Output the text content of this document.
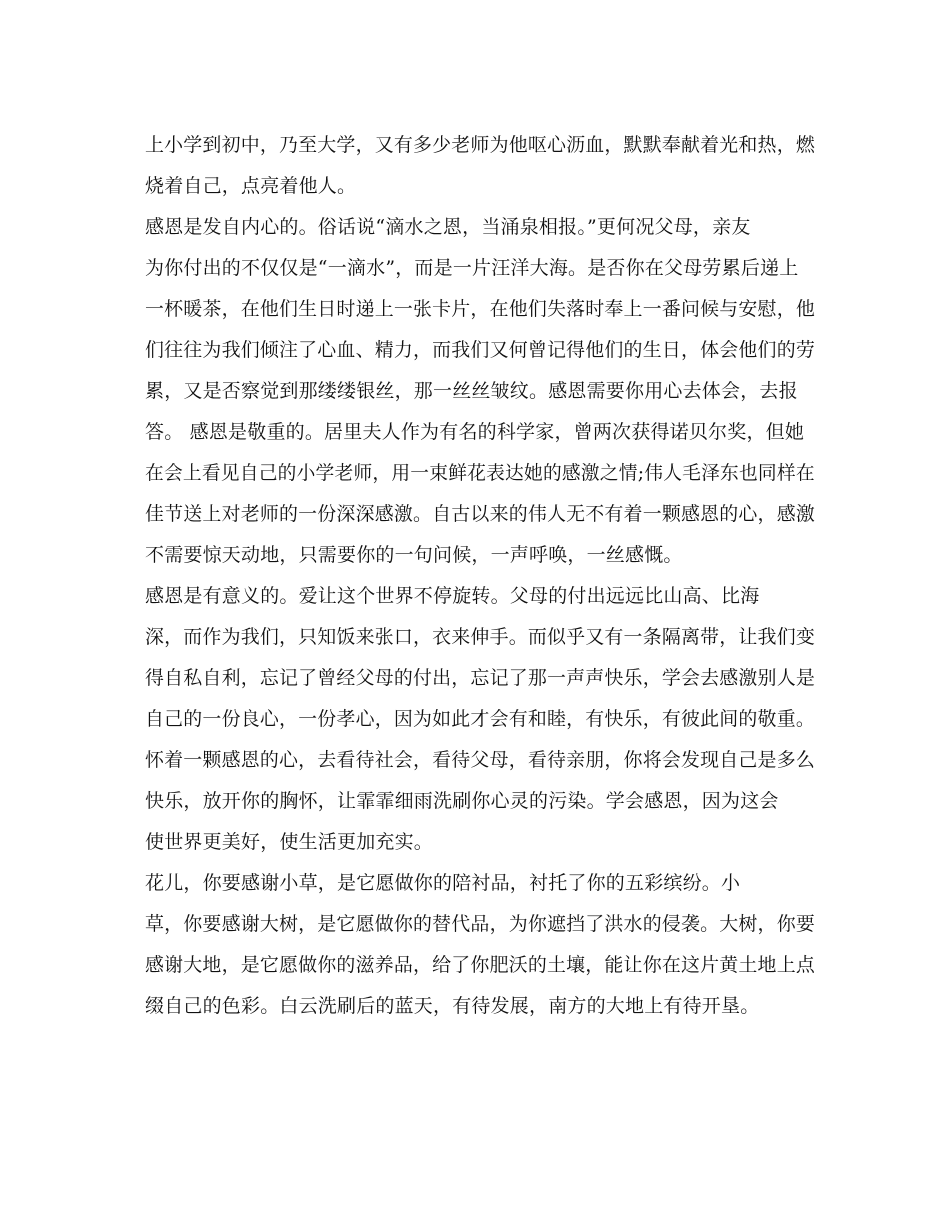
上小学到初中，乃至大学，又有多少老师为他呕心沥血，默默奉献着光和热，燃
烧着自己，点亮着他人。
感恩是发自内心的。俗话说“滴水之恩，当涌泉相报。”更何况父母，亲友
为你付出的不仅仅是“一滴水”，而是一片汪洋大海。是否你在父母劳累后递上
一杯暖茶，在他们生日时递上一张卡片，在他们失落时奉上一番问候与安慰，他
们往往为我们倾注了心血、精力，而我们又何曾记得他们的生日，体会他们的劳
累，又是否察觉到那缕缕银丝，那一丝丝皱纹。感恩需要你用心去体会，去报
答。 感恩是敬重的。居里夫人作为有名的科学家，曾两次获得诺贝尔奖，但她
在会上看见自己的小学老师，用一束鲜花表达她的感激之情;伟人毛泽东也同样在
佳节送上对老师的一份深深感激。自古以来的伟人无不有着一颗感恩的心，感激
不需要惊天动地，只需要你的一句问候，一声呼唤，一丝感慨。
感恩是有意义的。爱让这个世界不停旋转。父母的付出远远比山高、比海
深，而作为我们，只知饭来张口，衣来伸手。而似乎又有一条隔离带，让我们变
得自私自利，忘记了曾经父母的付出，忘记了那一声声快乐，学会去感激别人是
自己的一份良心，一份孝心，因为如此才会有和睦，有快乐，有彼此间的敬重。
怀着一颗感恩的心，去看待社会，看待父母，看待亲朋，你将会发现自己是多么
快乐，放开你的胸怀，让霏霏细雨洗刷你心灵的污染。学会感恩，因为这会
使世界更美好，使生活更加充实。
花儿，你要感谢小草，是它愿做你的陪衬品，衬托了你的五彩缤纷。小
草，你要感谢大树，是它愿做你的替代品，为你遮挡了洪水的侵袭。大树，你要
感谢大地，是它愿做你的滋养品，给了你肥沃的土壤，能让你在这片黄土地上点
缀自己的色彩。白云洗刷后的蓝天，有待发展，南方的大地上有待开垦。
